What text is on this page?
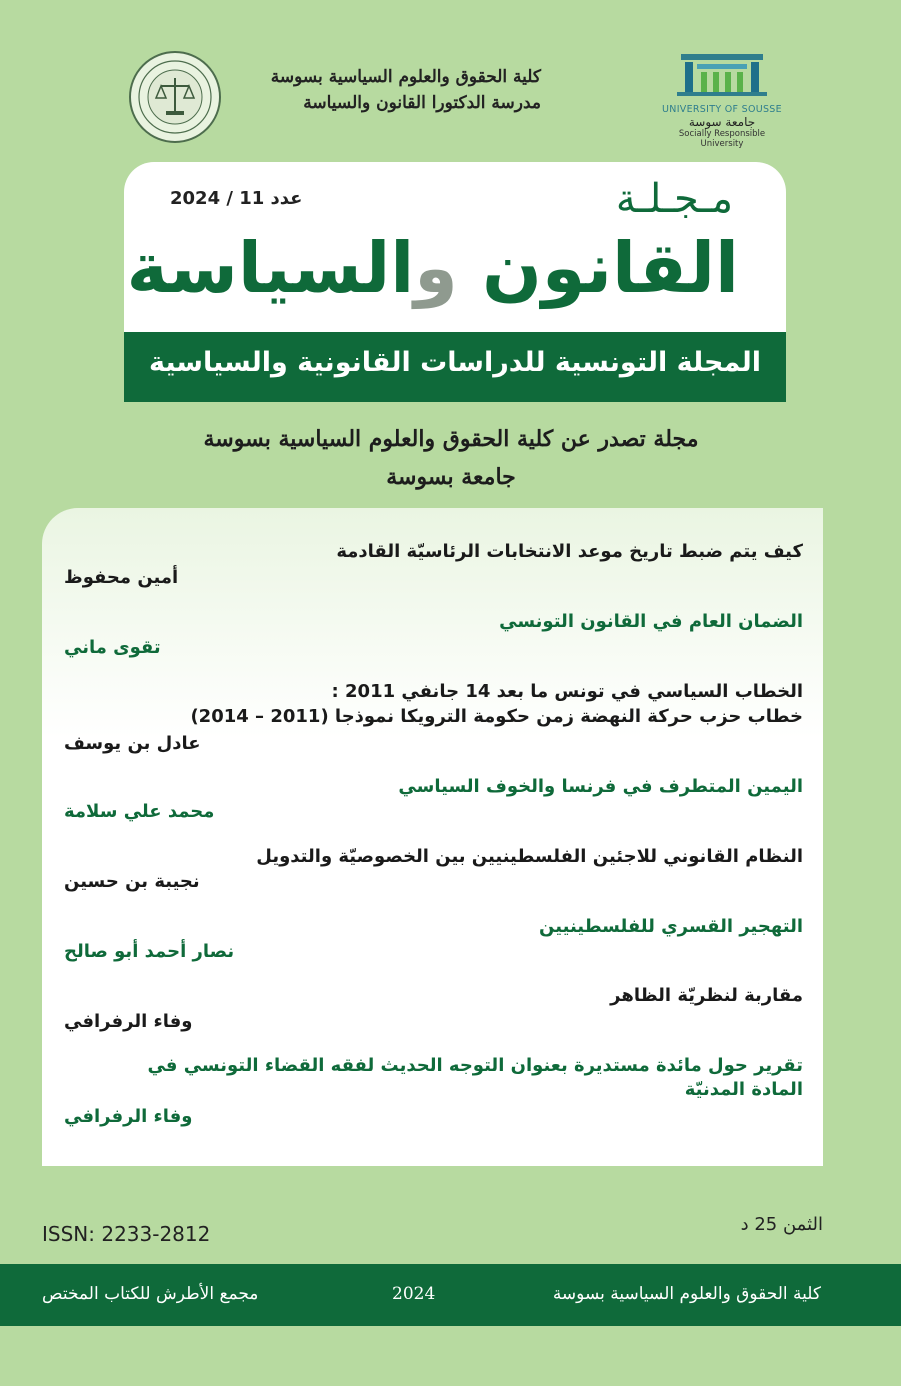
كلية الحقوق والعلوم السياسية بسوسة
مدرسة الدكتورا القانون والسياسة	UNIVERSITY OF SOUSSE
جامعة سوسة
Socially Responsible University
عدد 11 / 2024	مـجـلـة
القانون والسياسة
المجلة التونسية للدراسات القانونية والسياسية
مجلة تصدر عن كلية الحقوق والعلوم السياسية بسوسة
جامعة بسوسة
كيف يتم ضبط تاريخ موعد الانتخابات الرئاسيّة القادمة
أمين محفوظ
الضمان العام في القانون التونسي
تقوى ماني
الخطاب السياسي في تونس ما بعد 14 جانفي 2011 :
خطاب حزب حركة النهضة زمن حكومة الترويكا نموذجا (2011 – 2014)
عادل بن يوسف
اليمين المتطرف في فرنسا والخوف السياسي
محمد علي سلامة
النظام القانوني للاجئين الفلسطينيين بين الخصوصيّة والتدويل
نجيبة بن حسين
التهجير القسري للفلسطينيين
نصار أحمد أبو صالح
مقاربة لنظريّة الظاهر
وفاء الرفرافي
تقرير حول مائدة مستديرة بعنوان التوجه الحديث لفقه القضاء التونسي في
المادة المدنيّة
وفاء الرفرافي
ISSN: 2233-2812	الثمن 25 د
كلية الحقوق والعلوم السياسية بسوسة
2024
مجمع الأطرش للكتاب المختص
